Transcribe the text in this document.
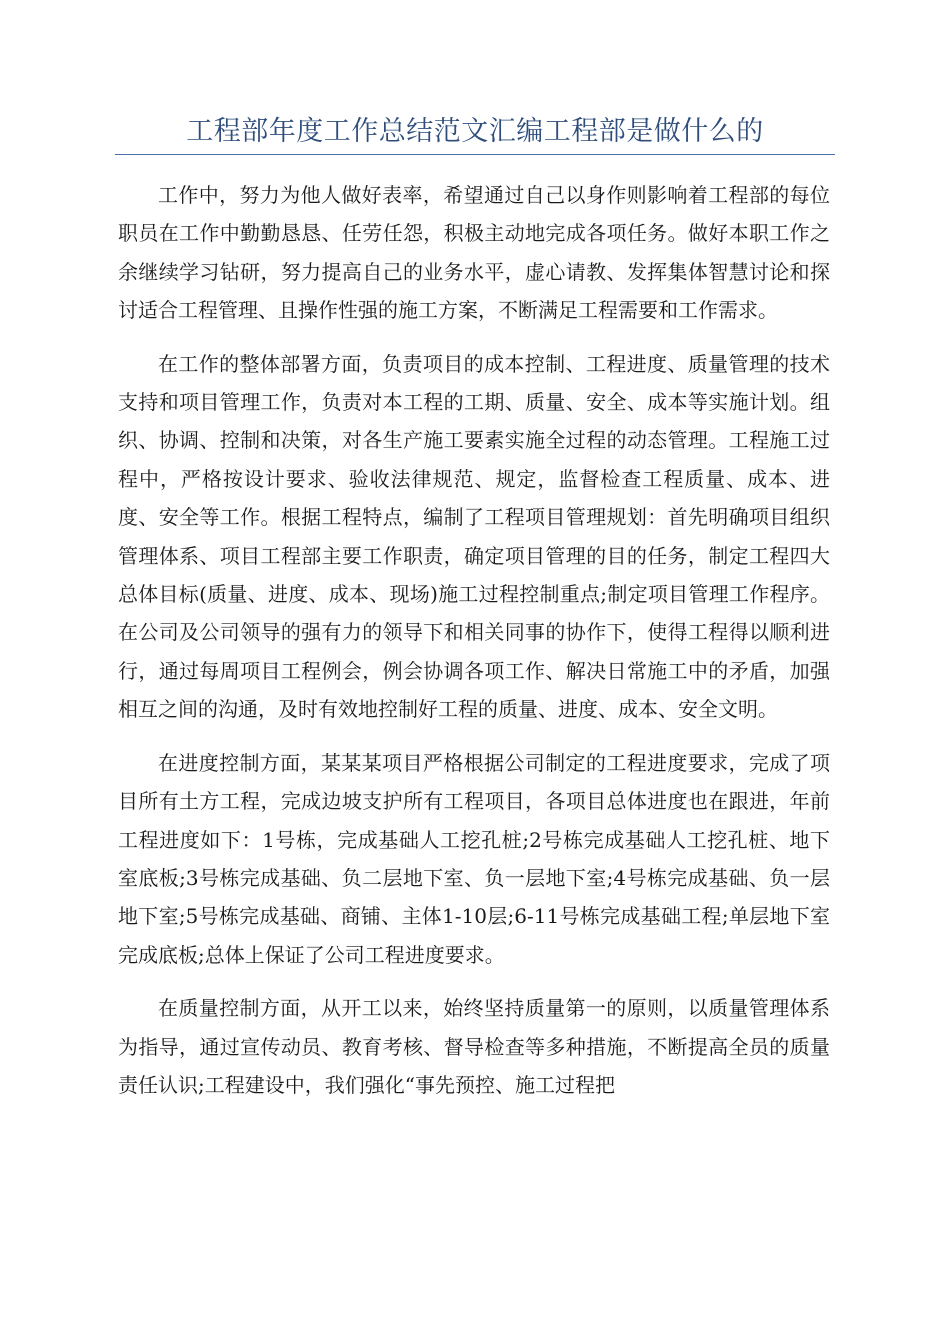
工程部年度工作总结范文汇编工程部是做什么的

工作中，努力为他人做好表率，希望通过自己以身作则影响着工程部的每位职员在工作中勤勤恳恳、任劳任怨，积极主动地完成各项任务。做好本职工作之余继续学习钻研，努力提高自己的业务水平，虚心请教、发挥集体智慧讨论和探讨适合工程管理、且操作性强的施工方案，不断满足工程需要和工作需求。

在工作的整体部署方面，负责项目的成本控制、工程进度、质量管理的技术支持和项目管理工作，负责对本工程的工期、质量、安全、成本等实施计划。组织、协调、控制和决策，对各生产施工要素实施全过程的动态管理。工程施工过程中，严格按设计要求、验收法律规范、规定，监督检查工程质量、成本、进度、安全等工作。根据工程特点，编制了工程项目管理规划：首先明确项目组织管理体系、项目工程部主要工作职责，确定项目管理的目的任务，制定工程四大总体目标(质量、进度、成本、现场)施工过程控制重点;制定项目管理工作程序。在公司及公司领导的强有力的领导下和相关同事的协作下，使得工程得以顺利进行，通过每周项目工程例会，例会协调各项工作、解决日常施工中的矛盾，加强相互之间的沟通，及时有效地控制好工程的质量、进度、成本、安全文明。

在进度控制方面，某某某项目严格根据公司制定的工程进度要求，完成了项目所有土方工程，完成边坡支护所有工程项目，各项目总体进度也在跟进，年前工程进度如下：1号栋，完成基础人工挖孔桩;2号栋完成基础人工挖孔桩、地下室底板;3号栋完成基础、负二层地下室、负一层地下室;4号栋完成基础、负一层地下室;5号栋完成基础、商铺、主体1-10层;6-11号栋完成基础工程;单层地下室完成底板;总体上保证了公司工程进度要求。

在质量控制方面，从开工以来，始终坚持质量第一的原则，以质量管理体系为指导，通过宣传动员、教育考核、督导检查等多种措施，不断提高全员的质量责任认识;工程建设中，我们强化“事先预控、施工过程把
